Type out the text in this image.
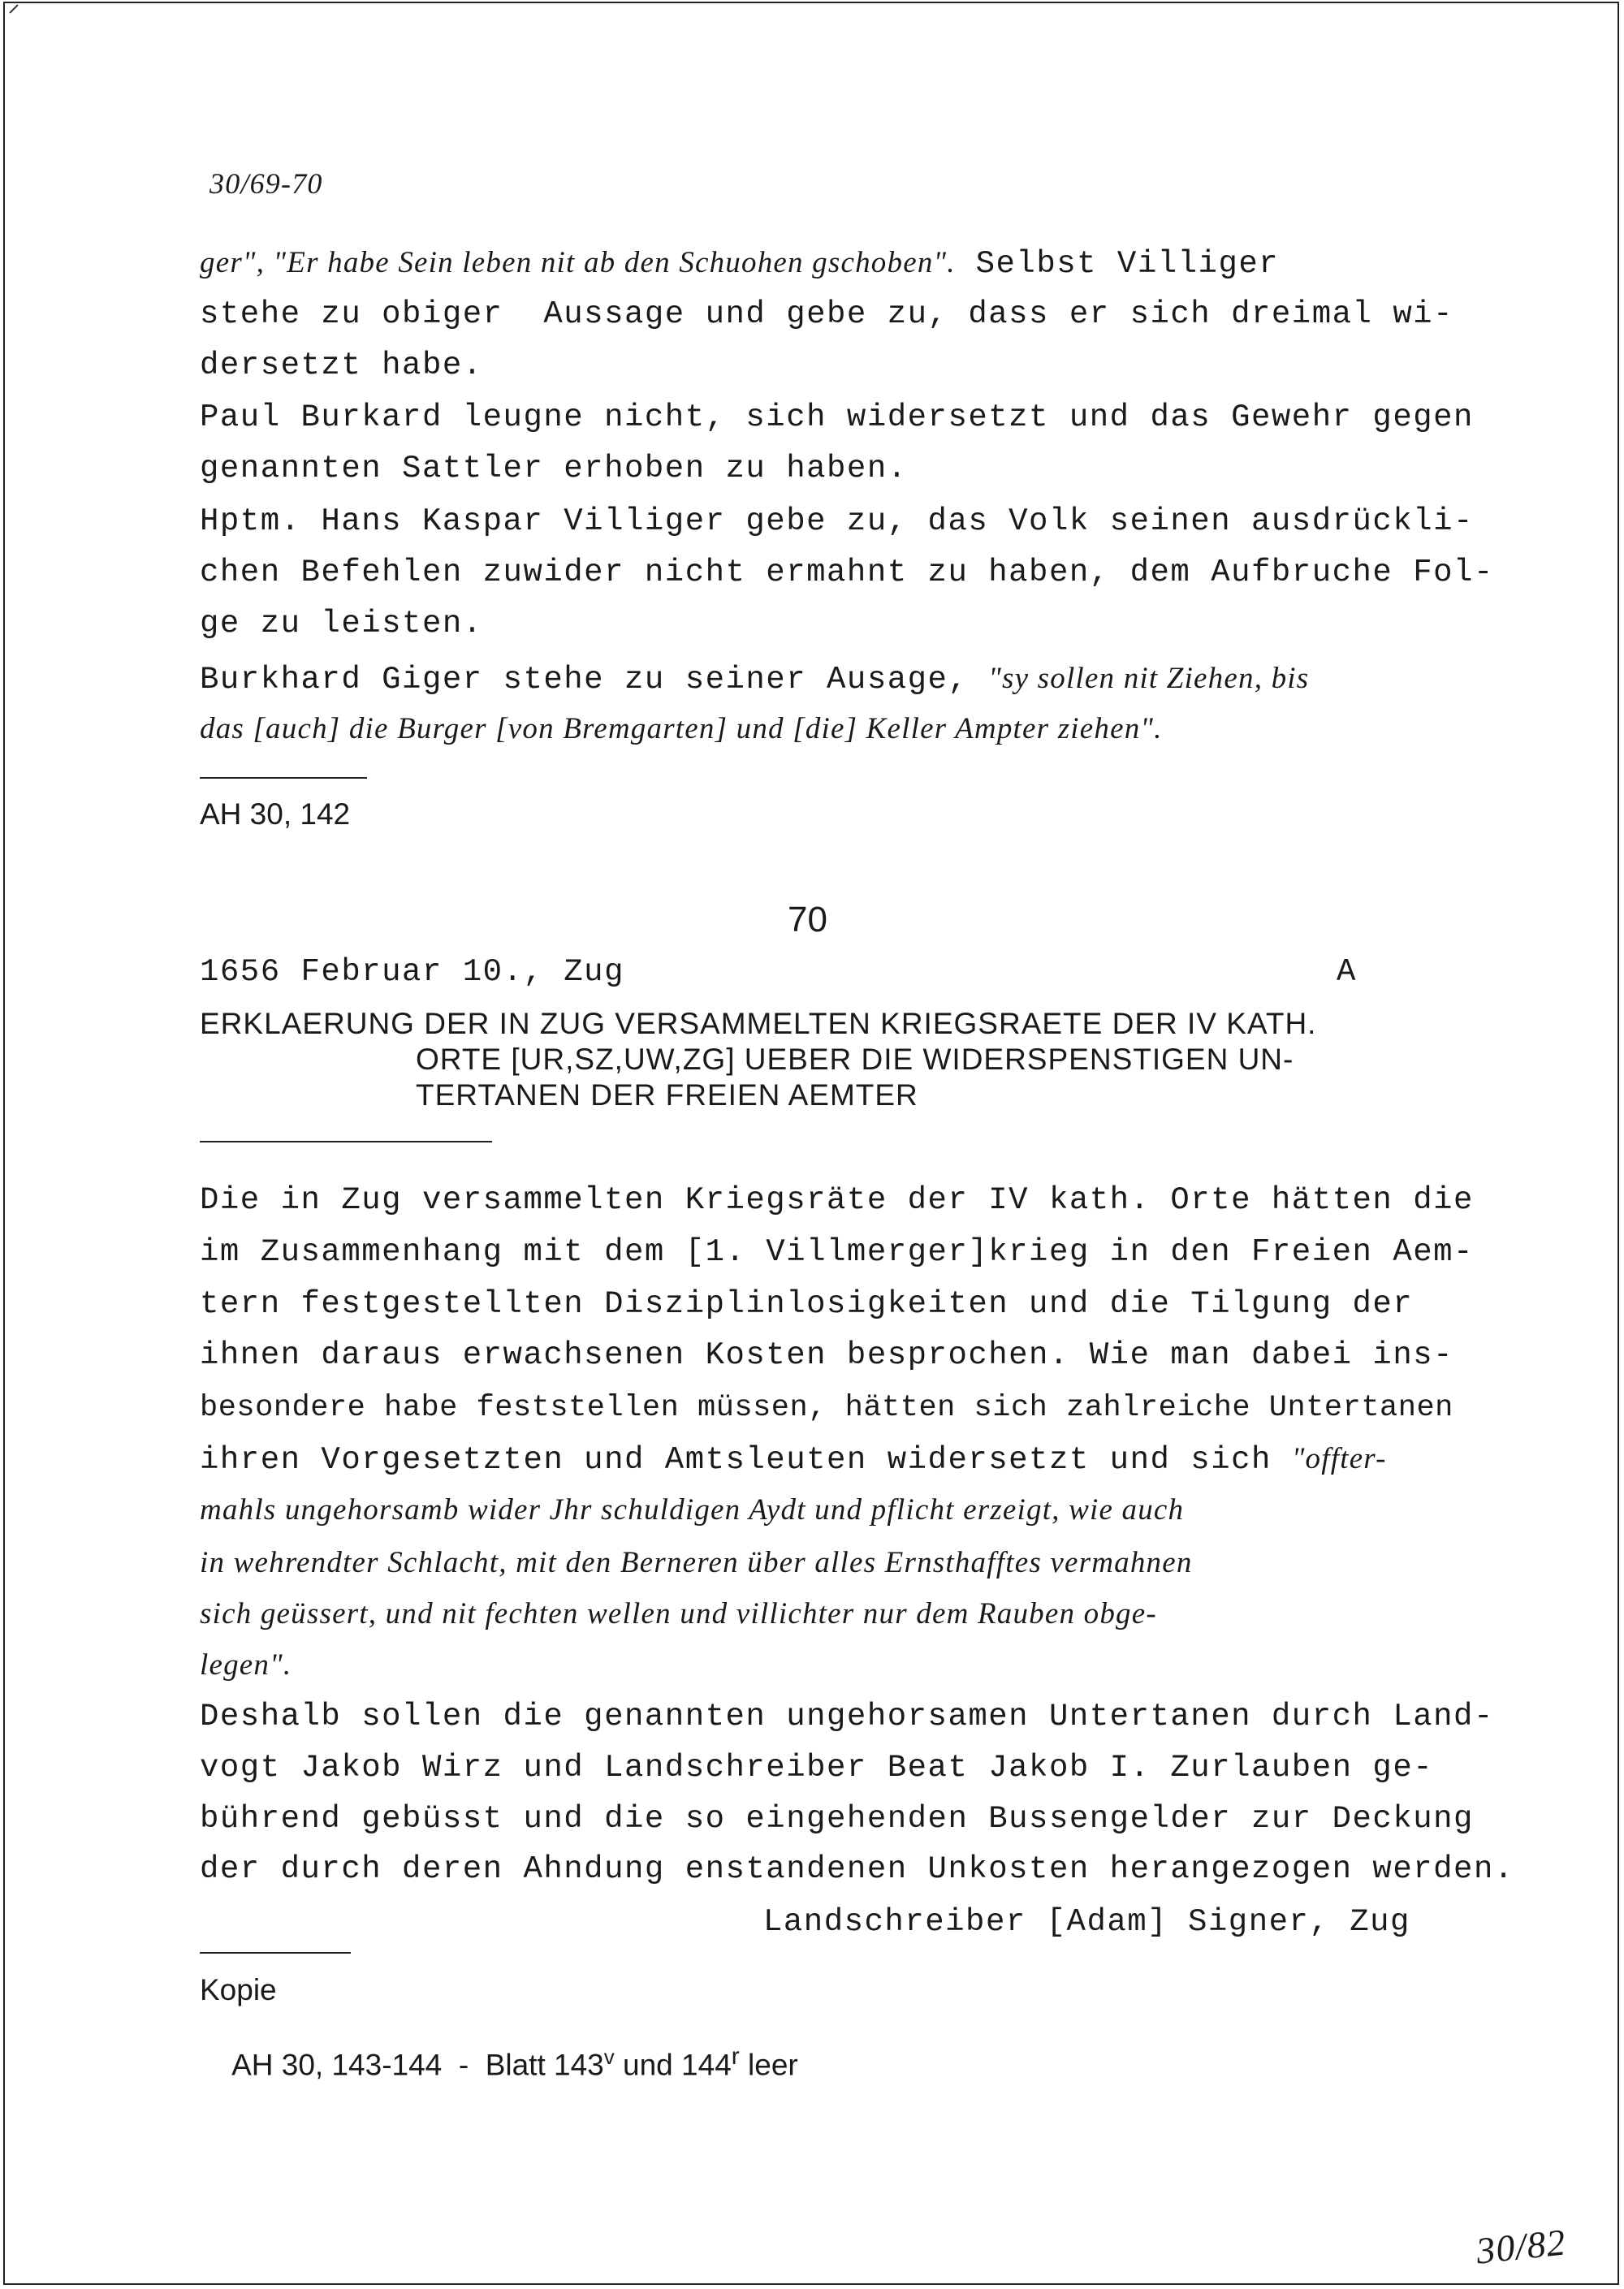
30/69-70
ger", "Er habe Sein leben nit ab den Schuohen gschoben". Selbst Villiger
stehe zu obiger  Aussage und gebe zu, dass er sich dreimal wi-
dersetzt habe.
Paul Burkard leugne nicht, sich widersetzt und das Gewehr gegen
genannten Sattler erhoben zu haben.
Hptm. Hans Kaspar Villiger gebe zu, das Volk seinen ausdrückli-
chen Befehlen zuwider nicht ermahnt zu haben, dem Aufbruche Fol-
ge zu leisten.
Burkhard Giger stehe zu seiner Ausage, "sy sollen nit Ziehen, bis
das [auch] die Burger [von Bremgarten] und [die] Keller Ampter ziehen".
AH 30, 142
70
1656 Februar 10., Zug	A
ERKLAERUNG DER IN ZUG VERSAMMELTEN KRIEGSRAETE DER IV KATH.
ORTE [UR,SZ,UW,ZG] UEBER DIE WIDERSPENSTIGEN UN-
TERTANEN DER FREIEN AEMTER
Die in Zug versammelten Kriegsräte der IV kath. Orte hätten die
im Zusammenhang mit dem [1. Villmerger]krieg in den Freien Aem-
tern festgestellten Disziplinlosigkeiten und die Tilgung der
ihnen daraus erwachsenen Kosten besprochen. Wie man dabei ins-
besondere habe feststellen müssen, hätten sich zahlreiche Untertanen
ihren Vorgesetzten und Amtsleuten widersetzt und sich "offter-
mahls ungehorsamb wider Jhr schuldigen Aydt und pflicht erzeigt, wie auch
in wehrendter Schlacht, mit den Berneren über alles Ernsthafftes vermahnen
sich geüssert, und nit fechten wellen und villichter nur dem Rauben obge-
legen".
Deshalb sollen die genannten ungehorsamen Untertanen durch Land-
vogt Jakob Wirz und Landschreiber Beat Jakob I. Zurlauben ge-
bührend gebüsst und die so eingehenden Bussengelder zur Deckung
der durch deren Ahndung enstandenen Unkosten herangezogen werden.
Landschreiber [Adam] Signer, Zug
Kopie

AH 30, 143-144  -  Blatt 143$^v$ und 144$^r$ leer

30/82
